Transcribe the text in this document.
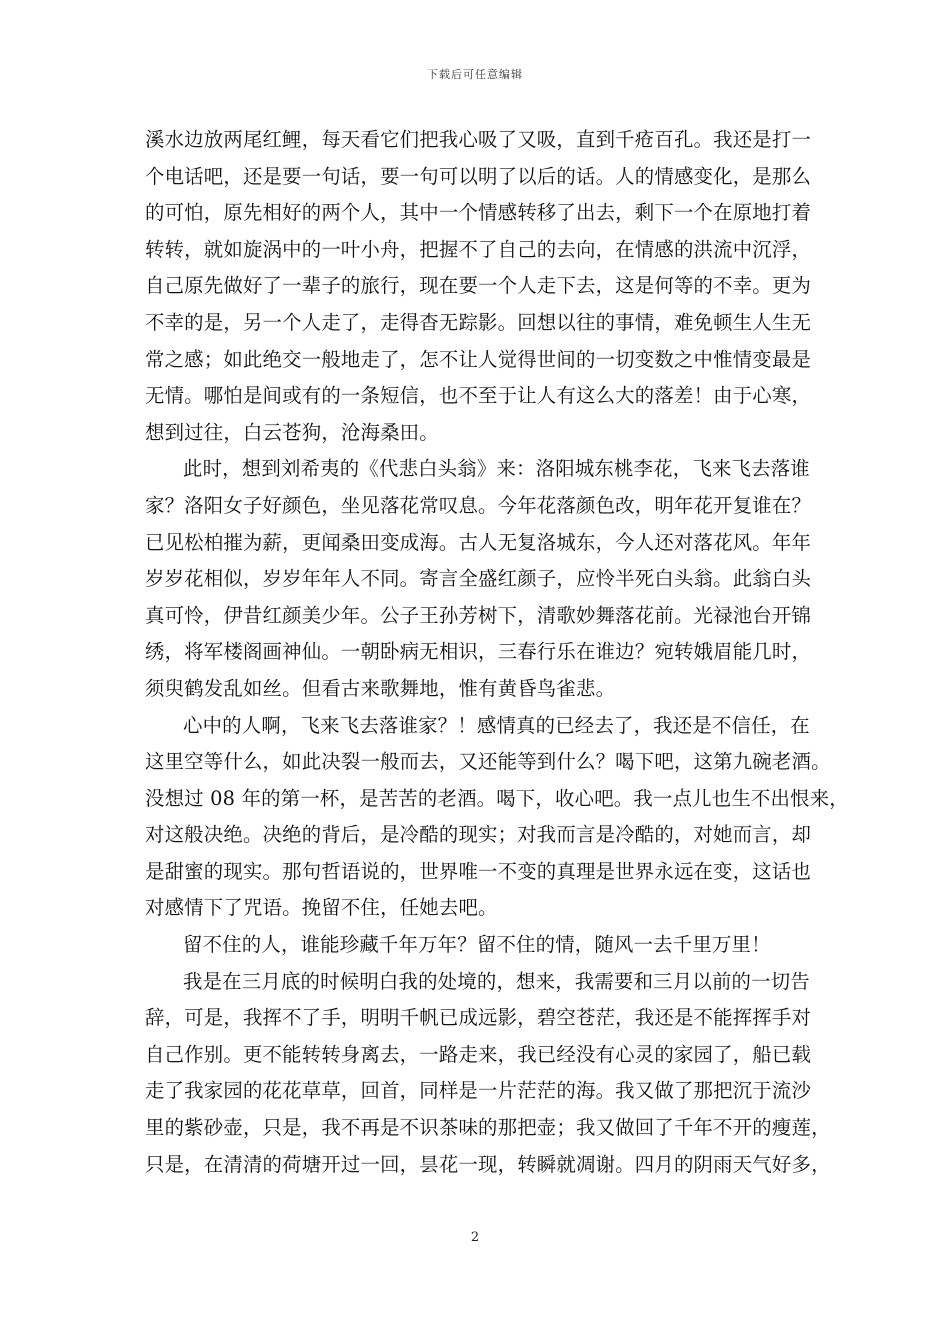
下载后可任意编辑
溪水边放两尾红鲤，每天看它们把我心吸了又吸，直到千疮百孔。我还是打一
个电话吧，还是要一句话，要一句可以明了以后的话。人的情感变化，是那么
的可怕，原先相好的两个人，其中一个情感转移了出去，剩下一个在原地打着
转转，就如旋涡中的一叶小舟，把握不了自己的去向，在情感的洪流中沉浮，
自己原先做好了一辈子的旅行，现在要一个人走下去，这是何等的不幸。更为
不幸的是，另一个人走了，走得杳无踪影。回想以往的事情，难免顿生人生无
常之感；如此绝交一般地走了，怎不让人觉得世间的一切变数之中惟情变最是
无情。哪怕是间或有的一条短信，也不至于让人有这么大的落差！由于心寒，
想到过往，白云苍狗，沧海桑田。
此时，想到刘希夷的《代悲白头翁》来：洛阳城东桃李花，飞来飞去落谁
家？洛阳女子好颜色，坐见落花常叹息。今年花落颜色改，明年花开复谁在？
已见松柏摧为薪，更闻桑田变成海。古人无复洛城东，今人还对落花风。年年
岁岁花相似，岁岁年年人不同。寄言全盛红颜子，应怜半死白头翁。此翁白头
真可怜，伊昔红颜美少年。公子王孙芳树下，清歌妙舞落花前。光禄池台开锦
绣，将军楼阁画神仙。一朝卧病无相识，三春行乐在谁边？宛转娥眉能几时，
须臾鹤发乱如丝。但看古来歌舞地，惟有黄昏鸟雀悲。
心中的人啊，飞来飞去落谁家？！感情真的已经去了，我还是不信任，在
这里空等什么，如此决裂一般而去，又还能等到什么？喝下吧，这第九碗老酒。
没想过 08 年的第一杯，是苦苦的老酒。喝下，收心吧。我一点儿也生不出恨来，
对这般决绝。决绝的背后，是冷酷的现实；对我而言是冷酷的，对她而言，却
是甜蜜的现实。那句哲语说的，世界唯一不变的真理是世界永远在变，这话也
对感情下了咒语。挽留不住，任她去吧。
留不住的人，谁能珍藏千年万年？留不住的情，随风一去千里万里！
我是在三月底的时候明白我的处境的，想来，我需要和三月以前的一切告
辞，可是，我挥不了手，明明千帆已成远影，碧空苍茫，我还是不能挥挥手对
自己作别。更不能转转身离去，一路走来，我已经没有心灵的家园了，船已载
走了我家园的花花草草，回首，同样是一片茫茫的海。我又做了那把沉于流沙
里的紫砂壶，只是，我不再是不识茶味的那把壶；我又做回了千年不开的瘦莲，
只是，在清清的荷塘开过一回，昙花一现，转瞬就凋谢。四月的阴雨天气好多，
2
